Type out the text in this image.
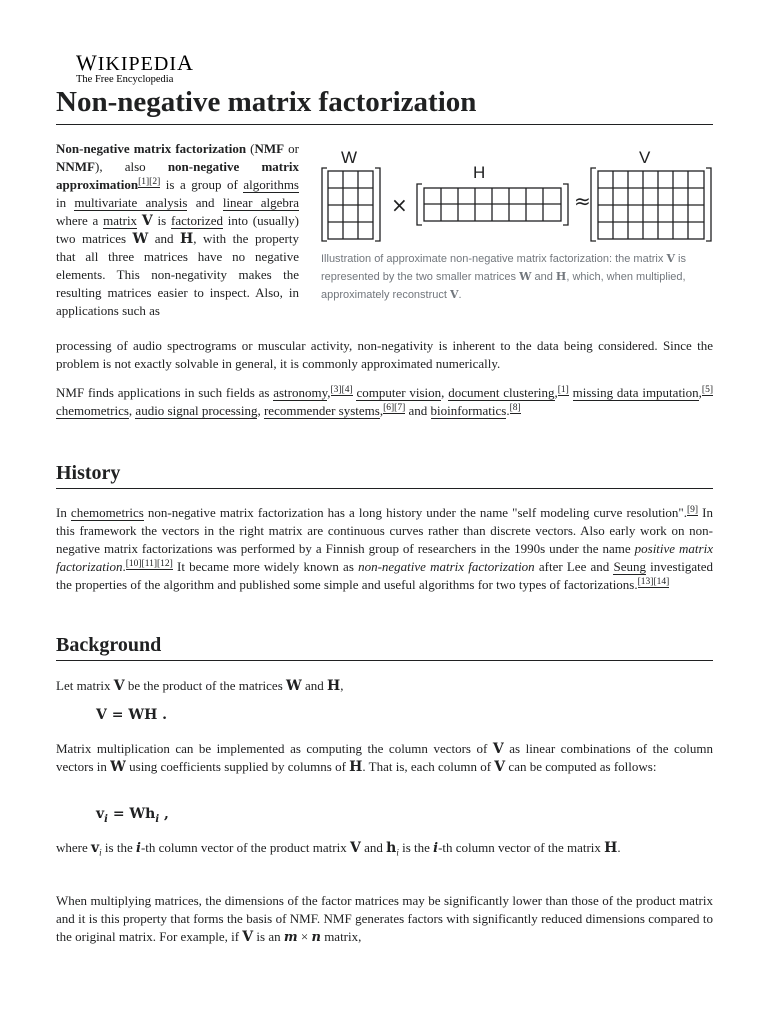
WIKIPEDIA
The Free Encyclopedia
Non-negative matrix factorization

Non-negative matrix factorization (NMF or NNMF), also non-negative matrix approximation[1][2] is a group of algorithms in multivariate analysis and linear algebra where a matrix V is factorized into (usually) two matrices W and H, with the property that all three matrices have no negative elements. This non-negativity makes the resulting matrices easier to inspect. Also, in applications such as

processing of audio spectrograms or muscular activity, non-negativity is inherent to the data being considered. Since the problem is not exactly solvable in general, it is commonly approximated numerically.

W
H
V
×	≈

Illustration of approximate non-negative matrix factorization: the matrix V is represented by the two smaller matrices W and H, which, when multiplied, approximately reconstruct V.

NMF finds applications in such fields as astronomy,[3][4] computer vision, document clustering,[1] missing data imputation,[5] chemometrics, audio signal processing, recommender systems,[6][7] and bioinformatics.[8]

History

In chemometrics non-negative matrix factorization has a long history under the name "self modeling curve resolution".[9] In this framework the vectors in the right matrix are continuous curves rather than discrete vectors. Also early work on non-negative matrix factorizations was performed by a Finnish group of researchers in the 1990s under the name positive matrix factorization.[10][11][12] It became more widely known as non-negative matrix factorization after Lee and Seung investigated the properties of the algorithm and published some simple and useful algorithms for two types of factorizations.[13][14]

Background

Let matrix V be the product of the matrices W and H,

V = WH .

Matrix multiplication can be implemented as computing the column vectors of V as linear combinations of the column vectors in W using coefficients supplied by columns of H. That is, each column of V can be computed as follows:

$v_i = Wh_i$ ,

where $v_i$ is the i-th column vector of the product matrix V and $h_i$ is the i-th column vector of the matrix H.

When multiplying matrices, the dimensions of the factor matrices may be significantly lower than those of the product matrix and it is this property that forms the basis of NMF. NMF generates factors with significantly reduced dimensions compared to the original matrix. For example, if V is an m × n matrix,
